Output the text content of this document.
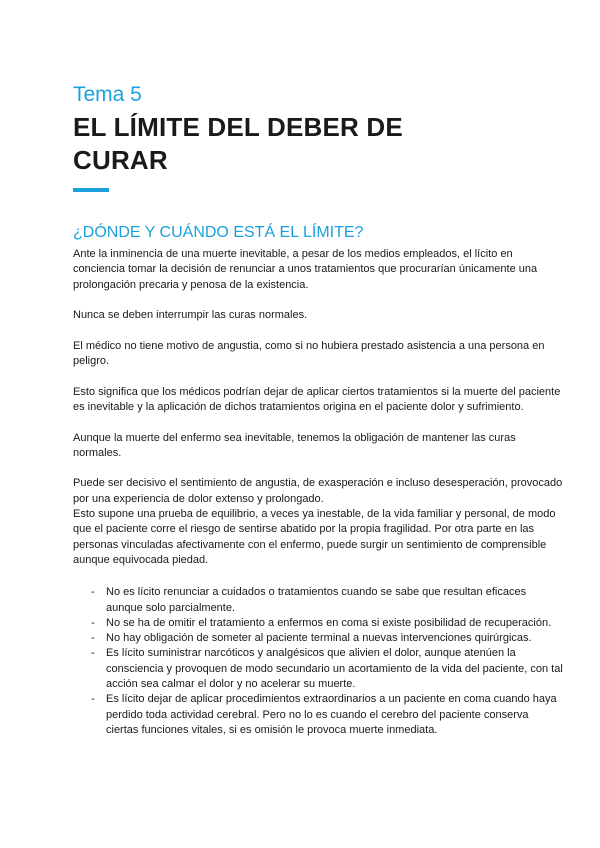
Tema 5
EL LÍMITE DEL DEBER DE
CURAR
¿DÓNDE Y CUÁNDO ESTÁ EL LÍMITE?

Ante la inminencia de una muerte inevitable, a pesar de los medios empleados, el lícito en conciencia tomar la decisión de renunciar a unos tratamientos que procurarían únicamente una prolongación precaria y penosa de la existencia.

Nunca se deben interrumpir las curas normales.

El médico no tiene motivo de angustia, como si no hubiera prestado asistencia a una persona en peligro.

Esto significa que los médicos podrían dejar de aplicar ciertos tratamientos si la muerte del paciente es inevitable y la aplicación de dichos tratamientos origina en el paciente dolor y sufrimiento.

Aunque la muerte del enfermo sea inevitable, tenemos la obligación de mantener las curas normales.

Puede ser decisivo el sentimiento de angustia, de exasperación e incluso desesperación, provocado por una experiencia de dolor extenso y prolongado.

Esto supone una prueba de equilibrio, a veces ya inestable, de la vida familiar y personal, de modo que el paciente corre el riesgo de sentirse abatido por la propia fragilidad. Por otra parte en las personas vinculadas afectivamente con el enfermo, puede surgir un sentimiento de comprensible aunque equivocada piedad.

- No es lícito renunciar a cuidados o tratamientos cuando se sabe que resultan eficaces aunque solo parcialmente.
- No se ha de omitir el tratamiento a enfermos en coma si existe posibilidad de recuperación.
- No hay obligación de someter al paciente terminal a nuevas intervenciones quirúrgicas.
- Es lícito suministrar narcóticos y analgésicos que alivien el dolor, aunque atenúen la consciencia y provoquen de modo secundario un acortamiento de la vida del paciente, con tal acción sea calmar el dolor y no acelerar su muerte.
- Es lícito dejar de aplicar procedimientos extraordinarios a un paciente en coma cuando haya perdido toda actividad cerebral. Pero no lo es cuando el cerebro del paciente conserva ciertas funciones vitales, si es omisión le provoca muerte inmediata.
